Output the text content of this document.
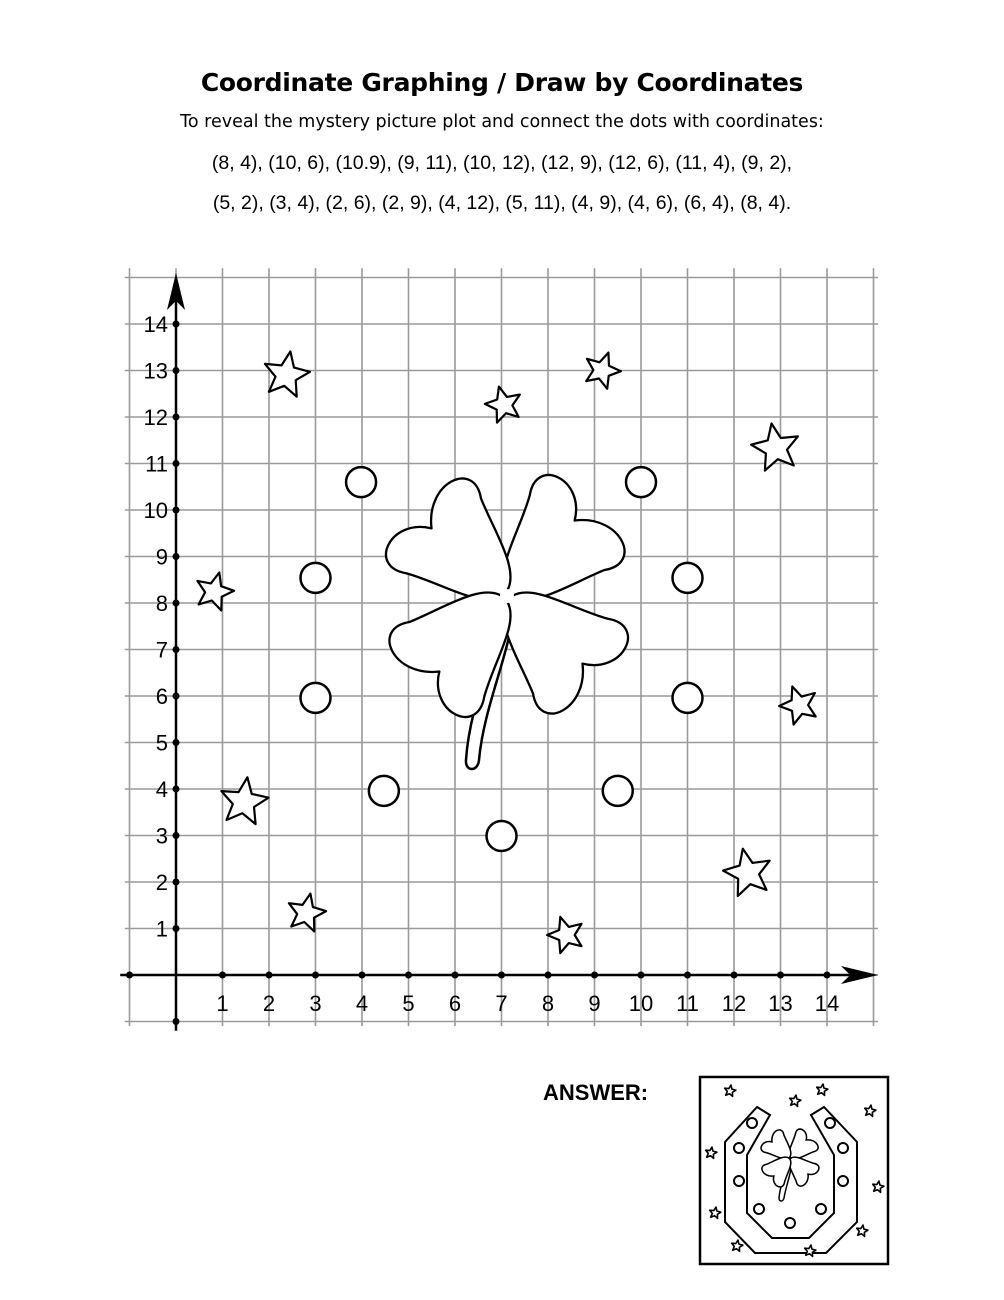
Coordinate Graphing / Draw by Coordinates
To reveal the mystery picture plot and connect the dots with coordinates:
(8, 4), (10, 6), (10.9), (9, 11), (10, 12), (12, 9), (12, 6), (11, 4), (9, 2),
(5, 2), (3, 4), (2, 6), (2, 9), (4, 12), (5, 11), (4, 9), (4, 6), (6, 4), (8, 4).
1 2 3 4 5 6 7 8 9 10 11 12 13 14
1
2
3
4
5
6
7
8
9
10
11
12
13
14
ANSWER:
